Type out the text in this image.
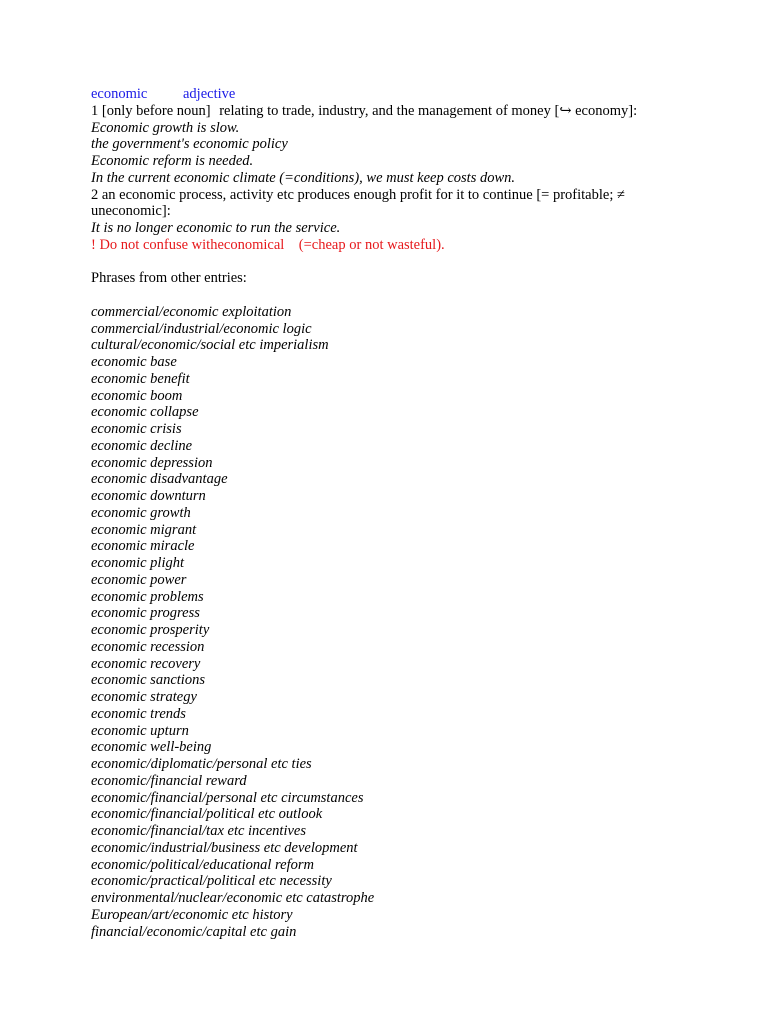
economic adjective
1 [only before noun] relating to trade, industry, and the management of money [↪ economy]:
Economic growth is slow.
the government's economic policy
Economic reform is needed.
In the current economic climate (=conditions), we must keep costs down.
2 an economic process, activity etc produces enough profit for it to continue [= profitable; ≠
uneconomic]:
It is no longer economic to run the service.
! Do not confuse witheconomical (=cheap or not wasteful).
Phrases from other entries:
commercial/economic exploitation
commercial/industrial/economic logic
cultural/economic/social etc imperialism
economic base
economic benefit
economic boom
economic collapse
economic crisis
economic decline
economic depression
economic disadvantage
economic downturn
economic growth
economic migrant
economic miracle
economic plight
economic power
economic problems
economic progress
economic prosperity
economic recession
economic recovery
economic sanctions
economic strategy
economic trends
economic upturn
economic well-being
economic/diplomatic/personal etc ties
economic/financial reward
economic/financial/personal etc circumstances
economic/financial/political etc outlook
economic/financial/tax etc incentives
economic/industrial/business etc development
economic/political/educational reform
economic/practical/political etc necessity
environmental/nuclear/economic etc catastrophe
European/art/economic etc history
financial/economic/capital etc gain
